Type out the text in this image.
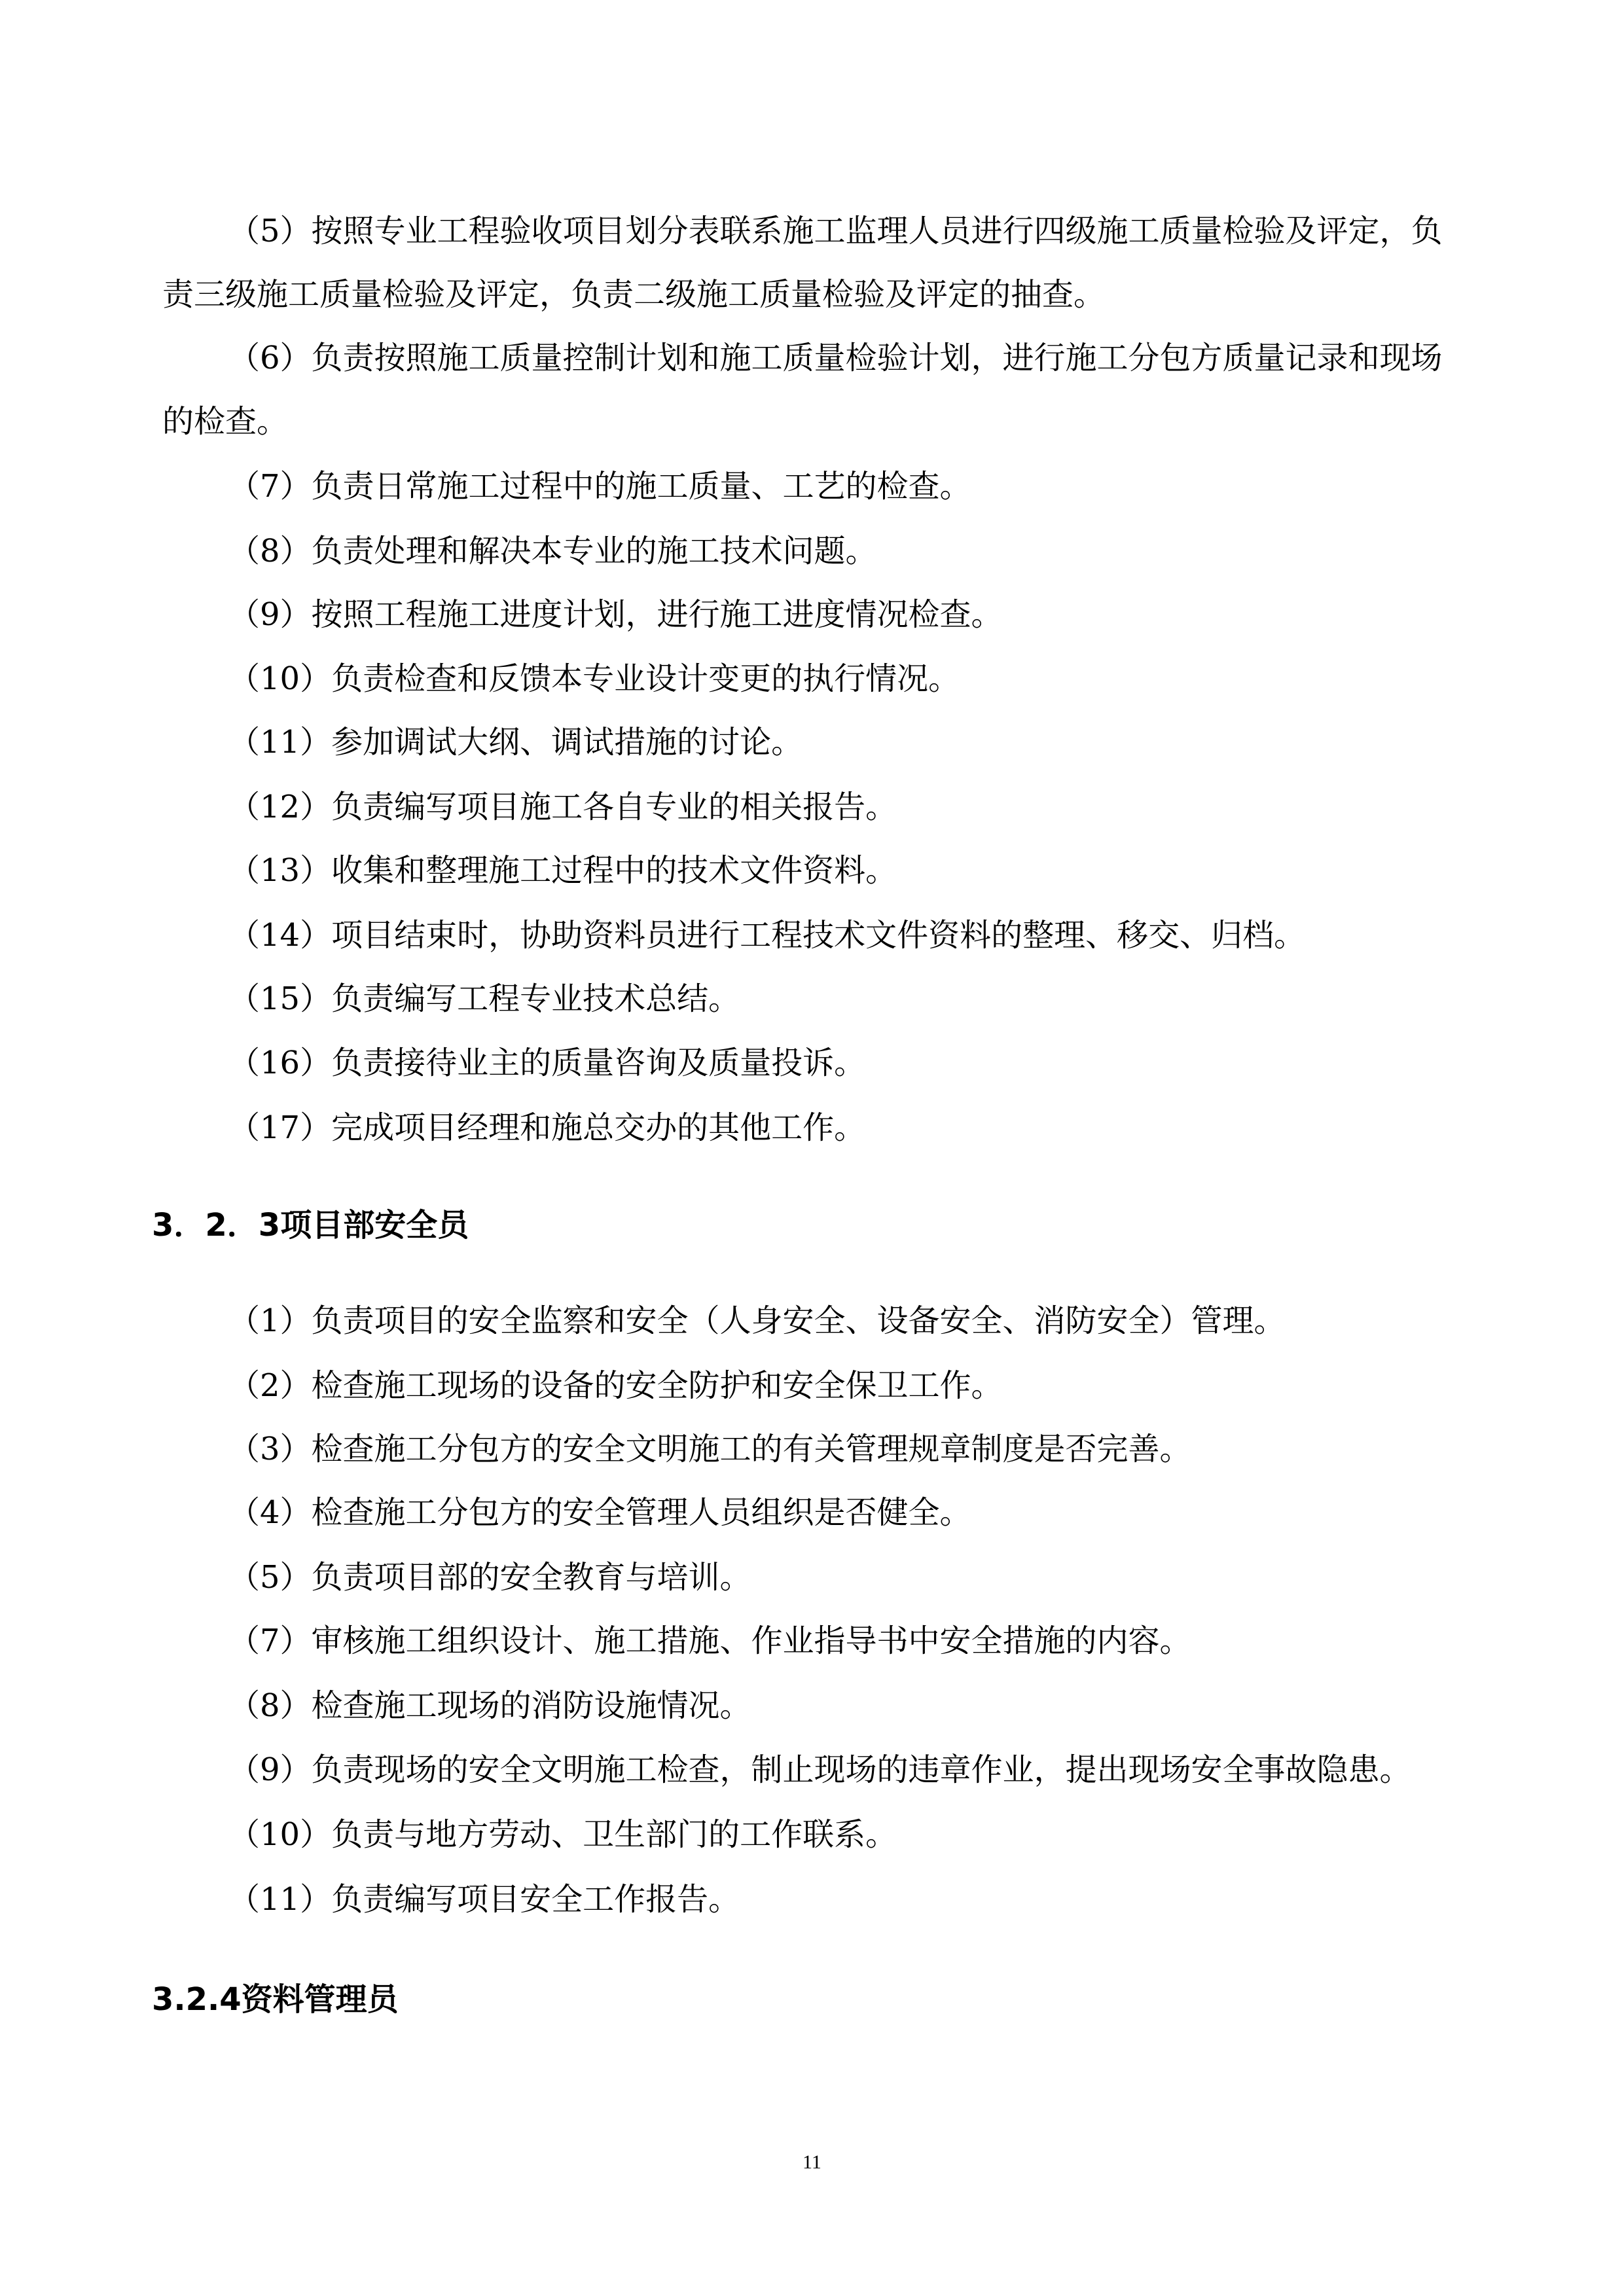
（5）按照专业工程验收项目划分表联系施工监理人员进行四级施工质量检验及评定，负
责三级施工质量检验及评定，负责二级施工质量检验及评定的抽查。
（6）负责按照施工质量控制计划和施工质量检验计划，进行施工分包方质量记录和现场
的检查。
（7）负责日常施工过程中的施工质量、工艺的检查。
（8）负责处理和解决本专业的施工技术问题。
（9）按照工程施工进度计划，进行施工进度情况检查。
（10）负责检查和反馈本专业设计变更的执行情况。
（11）参加调试大纲、调试措施的讨论。
（12）负责编写项目施工各自专业的相关报告。
（13）收集和整理施工过程中的技术文件资料。
（14）项目结束时，协助资料员进行工程技术文件资料的整理、移交、归档。
（15）负责编写工程专业技术总结。
（16）负责接待业主的质量咨询及质量投诉。
（17）完成项目经理和施总交办的其他工作。
3．2．3项目部安全员
（1）负责项目的安全监察和安全（人身安全、设备安全、消防安全）管理。
（2）检查施工现场的设备的安全防护和安全保卫工作。
（3）检查施工分包方的安全文明施工的有关管理规章制度是否完善。
（4）检查施工分包方的安全管理人员组织是否健全。
（5）负责项目部的安全教育与培训。
（7）审核施工组织设计、施工措施、作业指导书中安全措施的内容。
（8）检查施工现场的消防设施情况。
（9）负责现场的安全文明施工检查，制止现场的违章作业，提出现场安全事故隐患。
（10）负责与地方劳动、卫生部门的工作联系。
（11）负责编写项目安全工作报告。
3.2.4资料管理员
11
